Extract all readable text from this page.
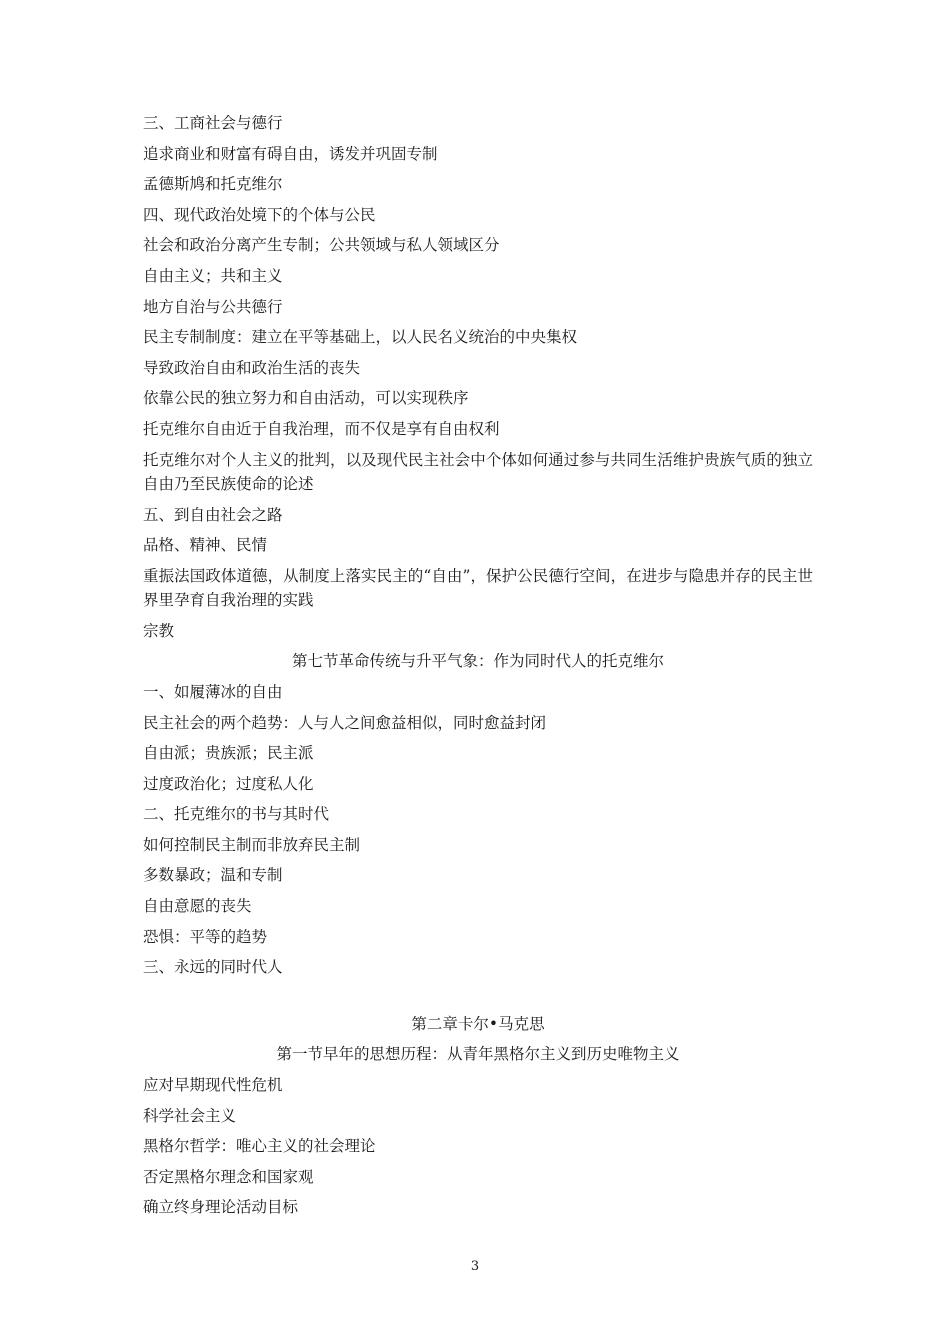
三、工商社会与德行
追求商业和财富有碍自由，诱发并巩固专制
孟德斯鸠和托克维尔
四、现代政治处境下的个体与公民
社会和政治分离产生专制；公共领域与私人领域区分
自由主义；共和主义
地方自治与公共德行
民主专制制度：建立在平等基础上，以人民名义统治的中央集权
导致政治自由和政治生活的丧失
依靠公民的独立努力和自由活动，可以实现秩序
托克维尔自由近于自我治理，而不仅是享有自由权利
托克维尔对个人主义的批判，以及现代民主社会中个体如何通过参与共同生活维护贵族气质的独立自由乃至民族使命的论述
五、到自由社会之路
品格、精神、民情
重振法国政体道德，从制度上落实民主的“自由”，保护公民德行空间，在进步与隐患并存的民主世界里孕育自我治理的实践
宗教
第七节革命传统与升平气象：作为同时代人的托克维尔
一、如履薄冰的自由
民主社会的两个趋势：人与人之间愈益相似，同时愈益封闭
自由派；贵族派；民主派
过度政治化；过度私人化
二、托克维尔的书与其时代
如何控制民主制而非放弃民主制
多数暴政；温和专制
自由意愿的丧失
恐惧：平等的趋势
三、永远的同时代人
第二章卡尔•马克思
第一节早年的思想历程：从青年黑格尔主义到历史唯物主义
应对早期现代性危机
科学社会主义
黑格尔哲学：唯心主义的社会理论
否定黑格尔理念和国家观
确立终身理论活动目标
3
